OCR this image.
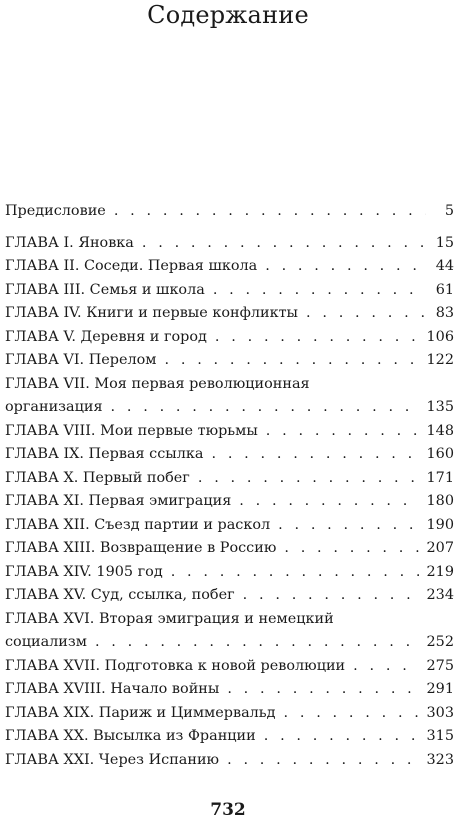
Содержание
Предисловие . . .	5
ГЛАВА I. Яновка . . .	15
ГЛАВА II. Соседи. Первая школа . . .	44
ГЛАВА III. Семья и школа . . .	61
ГЛАВА IV. Книги и первые конфликты . . .	83
ГЛАВА V. Деревня и город . . .	106
ГЛАВА VI. Перелом . . .	122
ГЛАВА VII. Моя первая революционная
организация . . .	135
ГЛАВА VIII. Мои первые тюрьмы . . .	148
ГЛАВА IX. Первая ссылка . . .	160
ГЛАВА X. Первый побег . . .	171
ГЛАВА XI. Первая эмиграция . . .	180
ГЛАВА XII. Съезд партии и раскол . . .	190
ГЛАВА XIII. Возвращение в Россию . . .	207
ГЛАВА XIV. 1905 год . . .	219
ГЛАВА XV. Суд, ссылка, побег . . .	234
ГЛАВА XVI. Вторая эмиграция и немецкий
социализм . . .	252
ГЛАВА XVII. Подготовка к новой революции . . .	275
ГЛАВА XVIII. Начало войны . . .	291
ГЛАВА XIX. Париж и Циммервальд . . .	303
ГЛАВА XX. Высылка из Франции . . .	315
ГЛАВА XXI. Через Испанию . . .	323
732
